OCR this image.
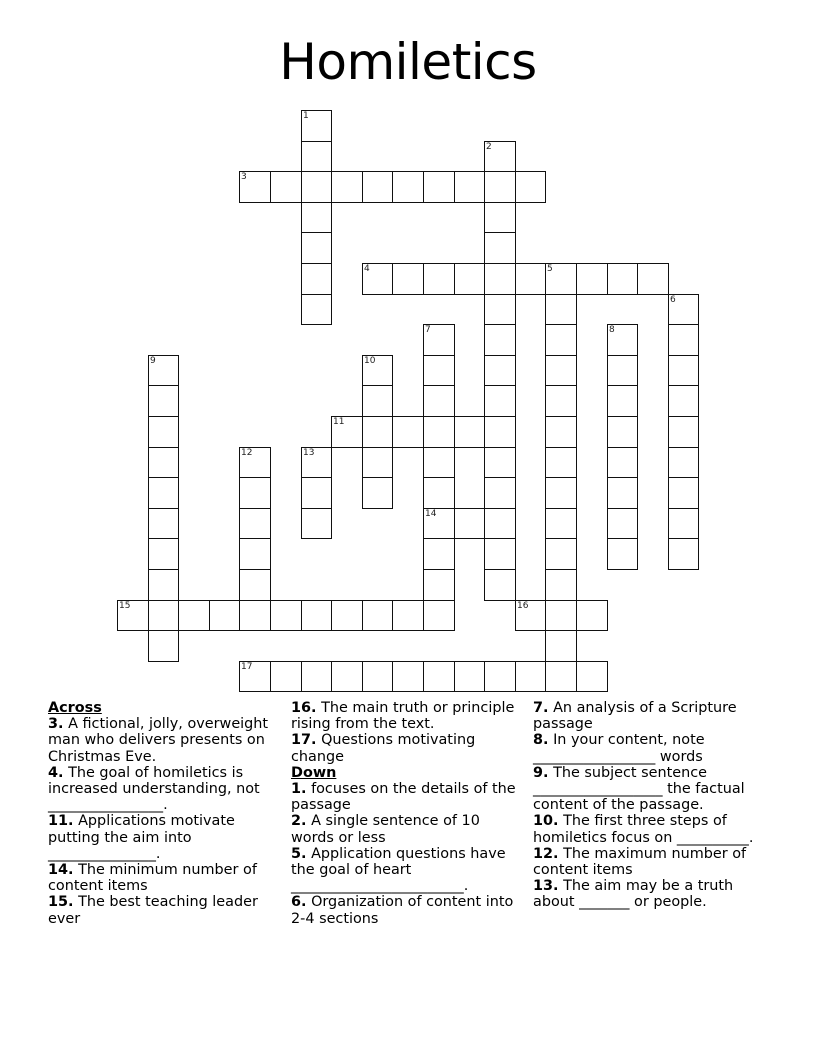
Homiletics
1
2
3
4	5
6
7
14
8
9	10
11
12	13
15	16
17
Across
3. A fictional, jolly, overweight man who delivers presents on Christmas Eve.
4. The goal of homiletics is increased understanding, not ________________.
11. Applications motivate putting the aim into _______________.
14. The minimum number of content items
15. The best teaching leader ever
16. The main truth or principle rising from the text.
17. Questions motivating change
Down
1. focuses on the details of the passage
2. A single sentence of 10 words or less
5. Application questions have the goal of heart ________________________.
6. Organization of content into 2-4 sections
7. An analysis of a Scripture passage
8. In your content, note _________________ words
9. The subject sentence __________________ the factual content of the passage.
10. The first three steps of homiletics focus on __________.
12. The maximum number of content items
13. The aim may be a truth about _______ or people.
